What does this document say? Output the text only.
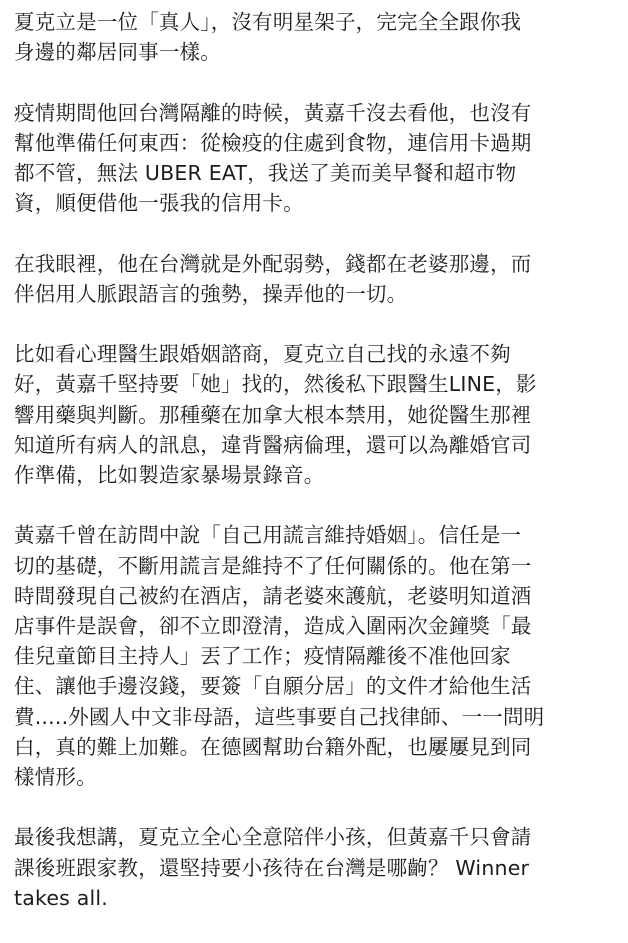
夏克立是一位「真人」，沒有明星架子，完完全全跟你我
身邊的鄰居同事一樣。
疫情期間他回台灣隔離的時候，黃嘉千沒去看他，也沒有
幫他準備任何東西：從檢疫的住處到食物，連信用卡過期
都不管，無法 UBER EAT，我送了美而美早餐和超市物
資，順便借他一張我的信用卡。
在我眼裡，他在台灣就是外配弱勢，錢都在老婆那邊，而
伴侶用人脈跟語言的強勢，操弄他的一切。
比如看心理醫生跟婚姻諮商，夏克立自己找的永遠不夠
好，黃嘉千堅持要「她」找的，然後私下跟醫生LINE，影
響用藥與判斷。那種藥在加拿大根本禁用，她從醫生那裡
知道所有病人的訊息，違背醫病倫理，還可以為離婚官司
作準備，比如製造家暴場景錄音。
黃嘉千曾在訪問中說「自己用謊言維持婚姻」。信任是一
切的基礎，不斷用謊言是維持不了任何關係的。他在第一
時間發現自己被約在酒店，請老婆來護航，老婆明知道酒
店事件是誤會，卻不立即澄清，造成入圍兩次金鐘獎「最
佳兒童節目主持人」丟了工作；疫情隔離後不准他回家
住、讓他手邊沒錢，要簽「自願分居」的文件才給他生活
費.....外國人中文非母語，這些事要自己找律師、一一問明
白，真的難上加難。在德國幫助台籍外配，也屢屢見到同
樣情形。
最後我想講，夏克立全心全意陪伴小孩，但黃嘉千只會請
課後班跟家教，還堅持要小孩待在台灣是哪齣？ Winner
takes all.
